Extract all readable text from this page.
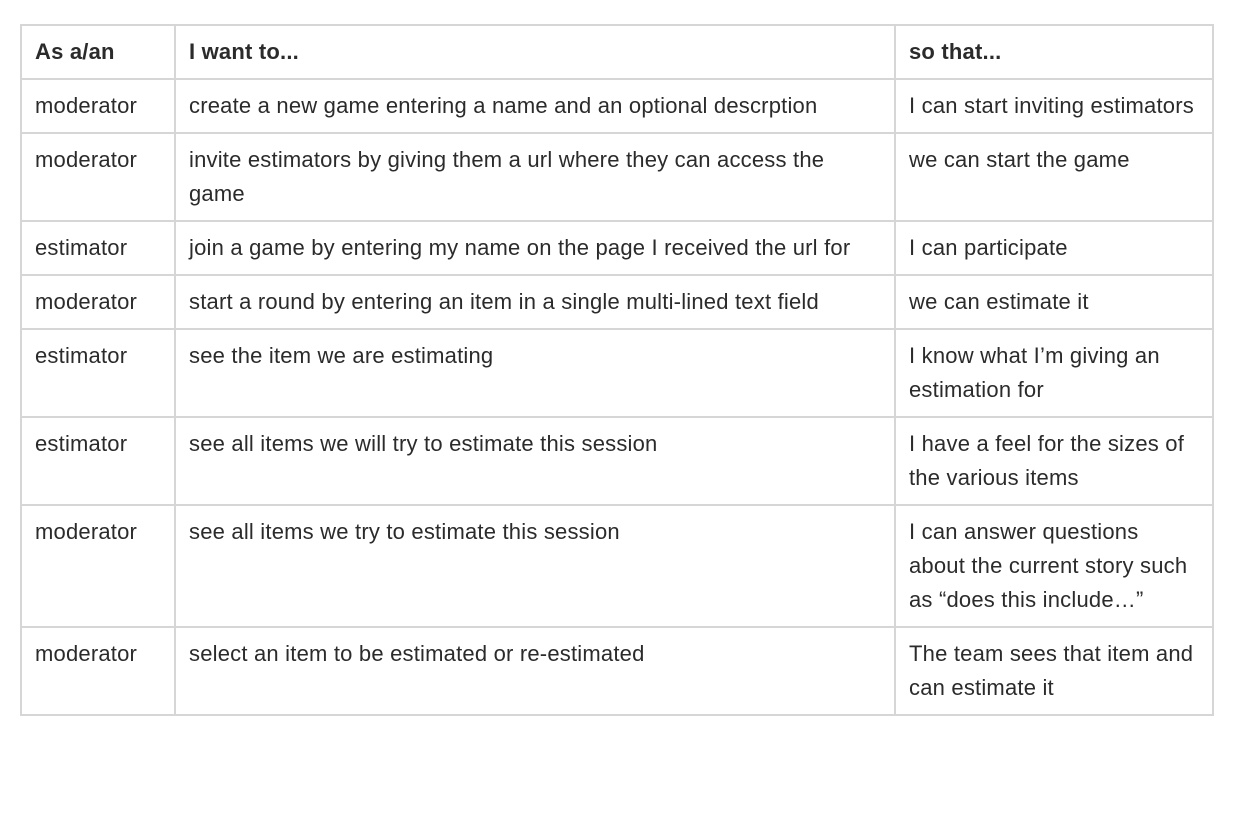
As a/an	I want to...	so that...
moderator	create a new game entering a name and an optional descrption	I can start inviting estimators
moderator	invite estimators by giving them a url where they can access the game	we can start the game
estimator	join a game by entering my name on the page I received the url for	I can participate
moderator	start a round by entering an item in a single multi-lined text field	we can estimate it
estimator	see the item we are estimating	I know what I’m giving an estimation for
estimator	see all items we will try to estimate this session	I have a feel for the sizes of the various items
moderator	see all items we try to estimate this session	I can answer questions about the current story such as “does this include…”
moderator	select an item to be estimated or re-estimated	The team sees that item and can estimate it
